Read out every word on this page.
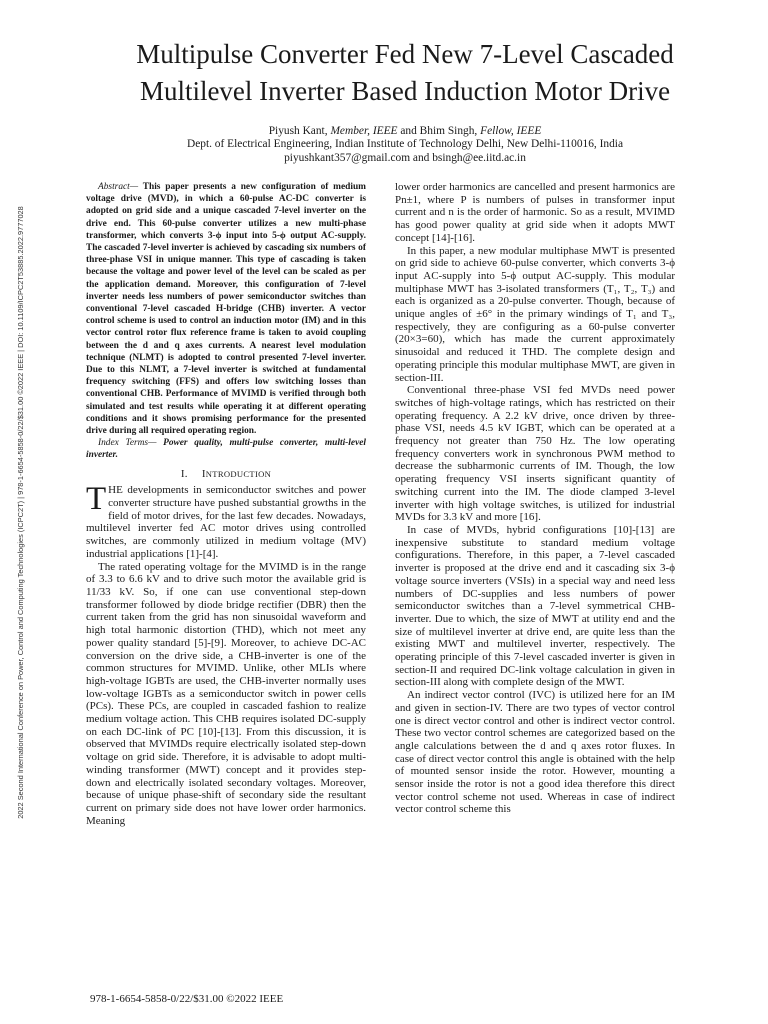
2022 Second International Conference on Power, Control and Computing Technologies (ICPC2T) | 978-1-6654-5858-0/22/$31.00 ©2022 IEEE | DOI: 10.1109/ICPC2T53885.2022.9777028
Multipulse Converter Fed New 7-Level Cascaded
Multilevel Inverter Based Induction Motor Drive
Piyush Kant, Member, IEEE and Bhim Singh, Fellow, IEEE
Dept. of Electrical Engineering, Indian Institute of Technology Delhi, New Delhi-110016, India
piyushkant357@gmail.com and bsingh@ee.iitd.ac.in

Abstract— This paper presents a new configuration of medium voltage drive (MVD), in which a 60-pulse AC-DC converter is adopted on grid side and a unique cascaded 7-level inverter on the drive end. This 60-pulse converter utilizes a new multi-phase transformer, which converts 3-ϕ input into 5-ϕ output AC-supply. The cascaded 7-level inverter is achieved by cascading six numbers of three-phase VSI in unique manner. This type of cascading is taken because the voltage and power level of the level can be scaled as per the application demand. Moreover, this configuration of 7-level inverter needs less numbers of power semiconductor switches than conventional 7-level cascaded H-bridge (CHB) inverter. A vector control scheme is used to control an induction motor (IM) and in this vector control rotor flux reference frame is taken to avoid coupling between the d and q axes currents. A nearest level modulation technique (NLMT) is adopted to control presented 7-level inverter. Due to this NLMT, a 7-level inverter is switched at fundamental frequency switching (FFS) and offers low switching losses than conventional CHB. Performance of MVIMD is verified through both simulated and test results while operating it at different operating conditions and it shows promising performance for the presented drive during all required operating region.

Index Terms— Power quality, multi-pulse converter, multi-level inverter.

I. INTRODUCTION

THE developments in semiconductor switches and power converter structure have pushed substantial growths in the field of motor drives, for the last few decades. Nowadays, multilevel inverter fed AC motor drives using controlled switches, are commonly utilized in medium voltage (MV) industrial applications [1]-[4].

The rated operating voltage for the MVIMD is in the range of 3.3 to 6.6 kV and to drive such motor the available grid is 11/33 kV. So, if one can use conventional step-down transformer followed by diode bridge rectifier (DBR) then the current taken from the grid has non sinusoidal waveform and high total harmonic distortion (THD), which not meet any power quality standard [5]-[9]. Moreover, to achieve DC-AC conversion on the drive side, a CHB-inverter is one of the common structures for MVIMD. Unlike, other MLIs where high-voltage IGBTs are used, the CHB-inverter normally uses low-voltage IGBTs as a semiconductor switch in power cells (PCs). These PCs, are coupled in cascaded fashion to realize medium voltage action. This CHB requires isolated DC-supply on each DC-link of PC [10]-[13]. From this discussion, it is observed that MVIMDs require electrically isolated step-down voltage on grid side. Therefore, it is advisable to adopt multi-winding transformer (MWT) concept and it provides step-down and electrically isolated secondary voltages. Moreover, because of unique phase-shift of secondary side the resultant current on primary side does not have lower order harmonics. Meaning

lower order harmonics are cancelled and present harmonics are Pn±1, where P is numbers of pulses in transformer input current and n is the order of harmonic. So as a result, MVIMD has good power quality at grid side when it adopts MWT concept [14]-[16].

In this paper, a new modular multiphase MWT is presented on grid side to achieve 60-pulse converter, which converts 3-ϕ input AC-supply into 5-ϕ output AC-supply. This modular multiphase MWT has 3-isolated transformers (T₁, T₂, T₃) and each is organized as a 20-pulse converter. Though, because of unique angles of ±6° in the primary windings of T₁ and T₃, respectively, they are configuring as a 60-pulse converter (20×3=60), which has made the current approximately sinusoidal and reduced it THD. The complete design and operating principle this modular multiphase MWT, are given in section-III.

Conventional three-phase VSI fed MVDs need power switches of high-voltage ratings, which has restricted on their operating frequency. A 2.2 kV drive, once driven by three-phase VSI, needs 4.5 kV IGBT, which can be operated at a frequency not greater than 750 Hz. The low operating frequency converters work in synchronous PWM method to decrease the subharmonic currents of IM. Though, the low operating frequency VSI inserts significant quantity of switching current into the IM. The diode clamped 3-level inverter with high voltage switches, is utilized for industrial MVDs for 3.3 kV and more [16].

In case of MVDs, hybrid configurations [10]-[13] are inexpensive substitute to standard medium voltage configurations. Therefore, in this paper, a 7-level cascaded inverter is proposed at the drive end and it cascading six 3-ϕ voltage source inverters (VSIs) in a special way and need less numbers of DC-supplies and less numbers of power semiconductor switches than a 7-level symmetrical CHB-inverter. Due to which, the size of MWT at utility end and the size of multilevel inverter at drive end, are quite less than the existing MWT and multilevel inverter, respectively. The operating principle of this 7-level cascaded inverter is given in section-II and required DC-link voltage calculation in given in section-III along with complete design of the MWT.

An indirect vector control (IVC) is utilized here for an IM and given in section-IV. There are two types of vector control one is direct vector control and other is indirect vector control. These two vector control schemes are categorized based on the angle calculations between the d and q axes rotor fluxes. In case of direct vector control this angle is obtained with the help of mounted sensor inside the rotor. However, mounting a sensor inside the rotor is not a good idea therefore this direct vector control scheme not used. Whereas in case of indirect vector control scheme this

978-1-6654-5858-0/22/$31.00 ©2022 IEEE
